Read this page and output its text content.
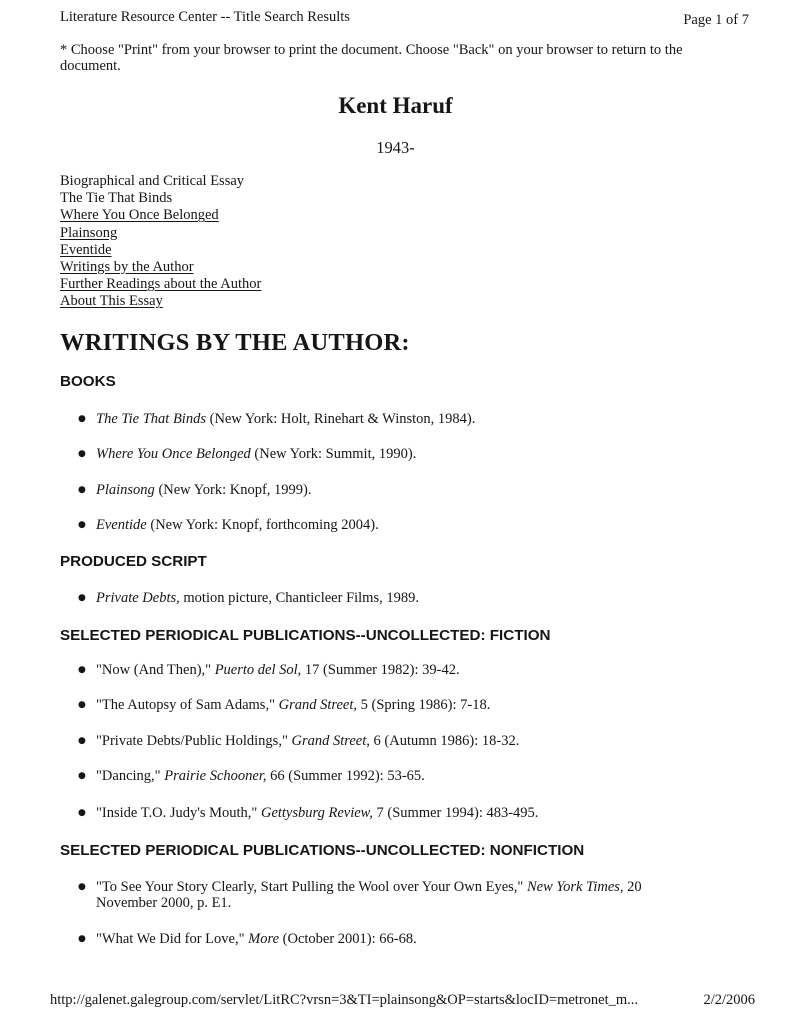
Literature Resource Center -- Title Search Results	Page 1 of 7
* Choose "Print" from your browser to print the document. Choose "Back" on your browser to return to the document.
Kent Haruf
1943-
Biographical and Critical Essay
The Tie That Binds
Where You Once Belonged
Plainsong
Eventide
Writings by the Author
Further Readings about the Author
About This Essay
WRITINGS BY THE AUTHOR:
BOOKS
● The Tie That Binds (New York: Holt, Rinehart & Winston, 1984).
● Where You Once Belonged (New York: Summit, 1990).
● Plainsong (New York: Knopf, 1999).
● Eventide (New York: Knopf, forthcoming 2004).
PRODUCED SCRIPT
● Private Debts, motion picture, Chanticleer Films, 1989.
SELECTED PERIODICAL PUBLICATIONS--UNCOLLECTED: FICTION
● "Now (And Then)," Puerto del Sol, 17 (Summer 1982): 39-42.
● "The Autopsy of Sam Adams," Grand Street, 5 (Spring 1986): 7-18.
● "Private Debts/Public Holdings," Grand Street, 6 (Autumn 1986): 18-32.
● "Dancing," Prairie Schooner, 66 (Summer 1992): 53-65.
● "Inside T.O. Judy's Mouth," Gettysburg Review, 7 (Summer 1994): 483-495.
SELECTED PERIODICAL PUBLICATIONS--UNCOLLECTED: NONFICTION
● "To See Your Story Clearly, Start Pulling the Wool over Your Own Eyes," New York Times, 20
November 2000, p. E1.
● "What We Did for Love," More (October 2001): 66-68.
http://galenet.galegroup.com/servlet/LitRC?vrsn=3&TI=plainsong&OP=starts&locID=metronet_m...	2/2/2006
